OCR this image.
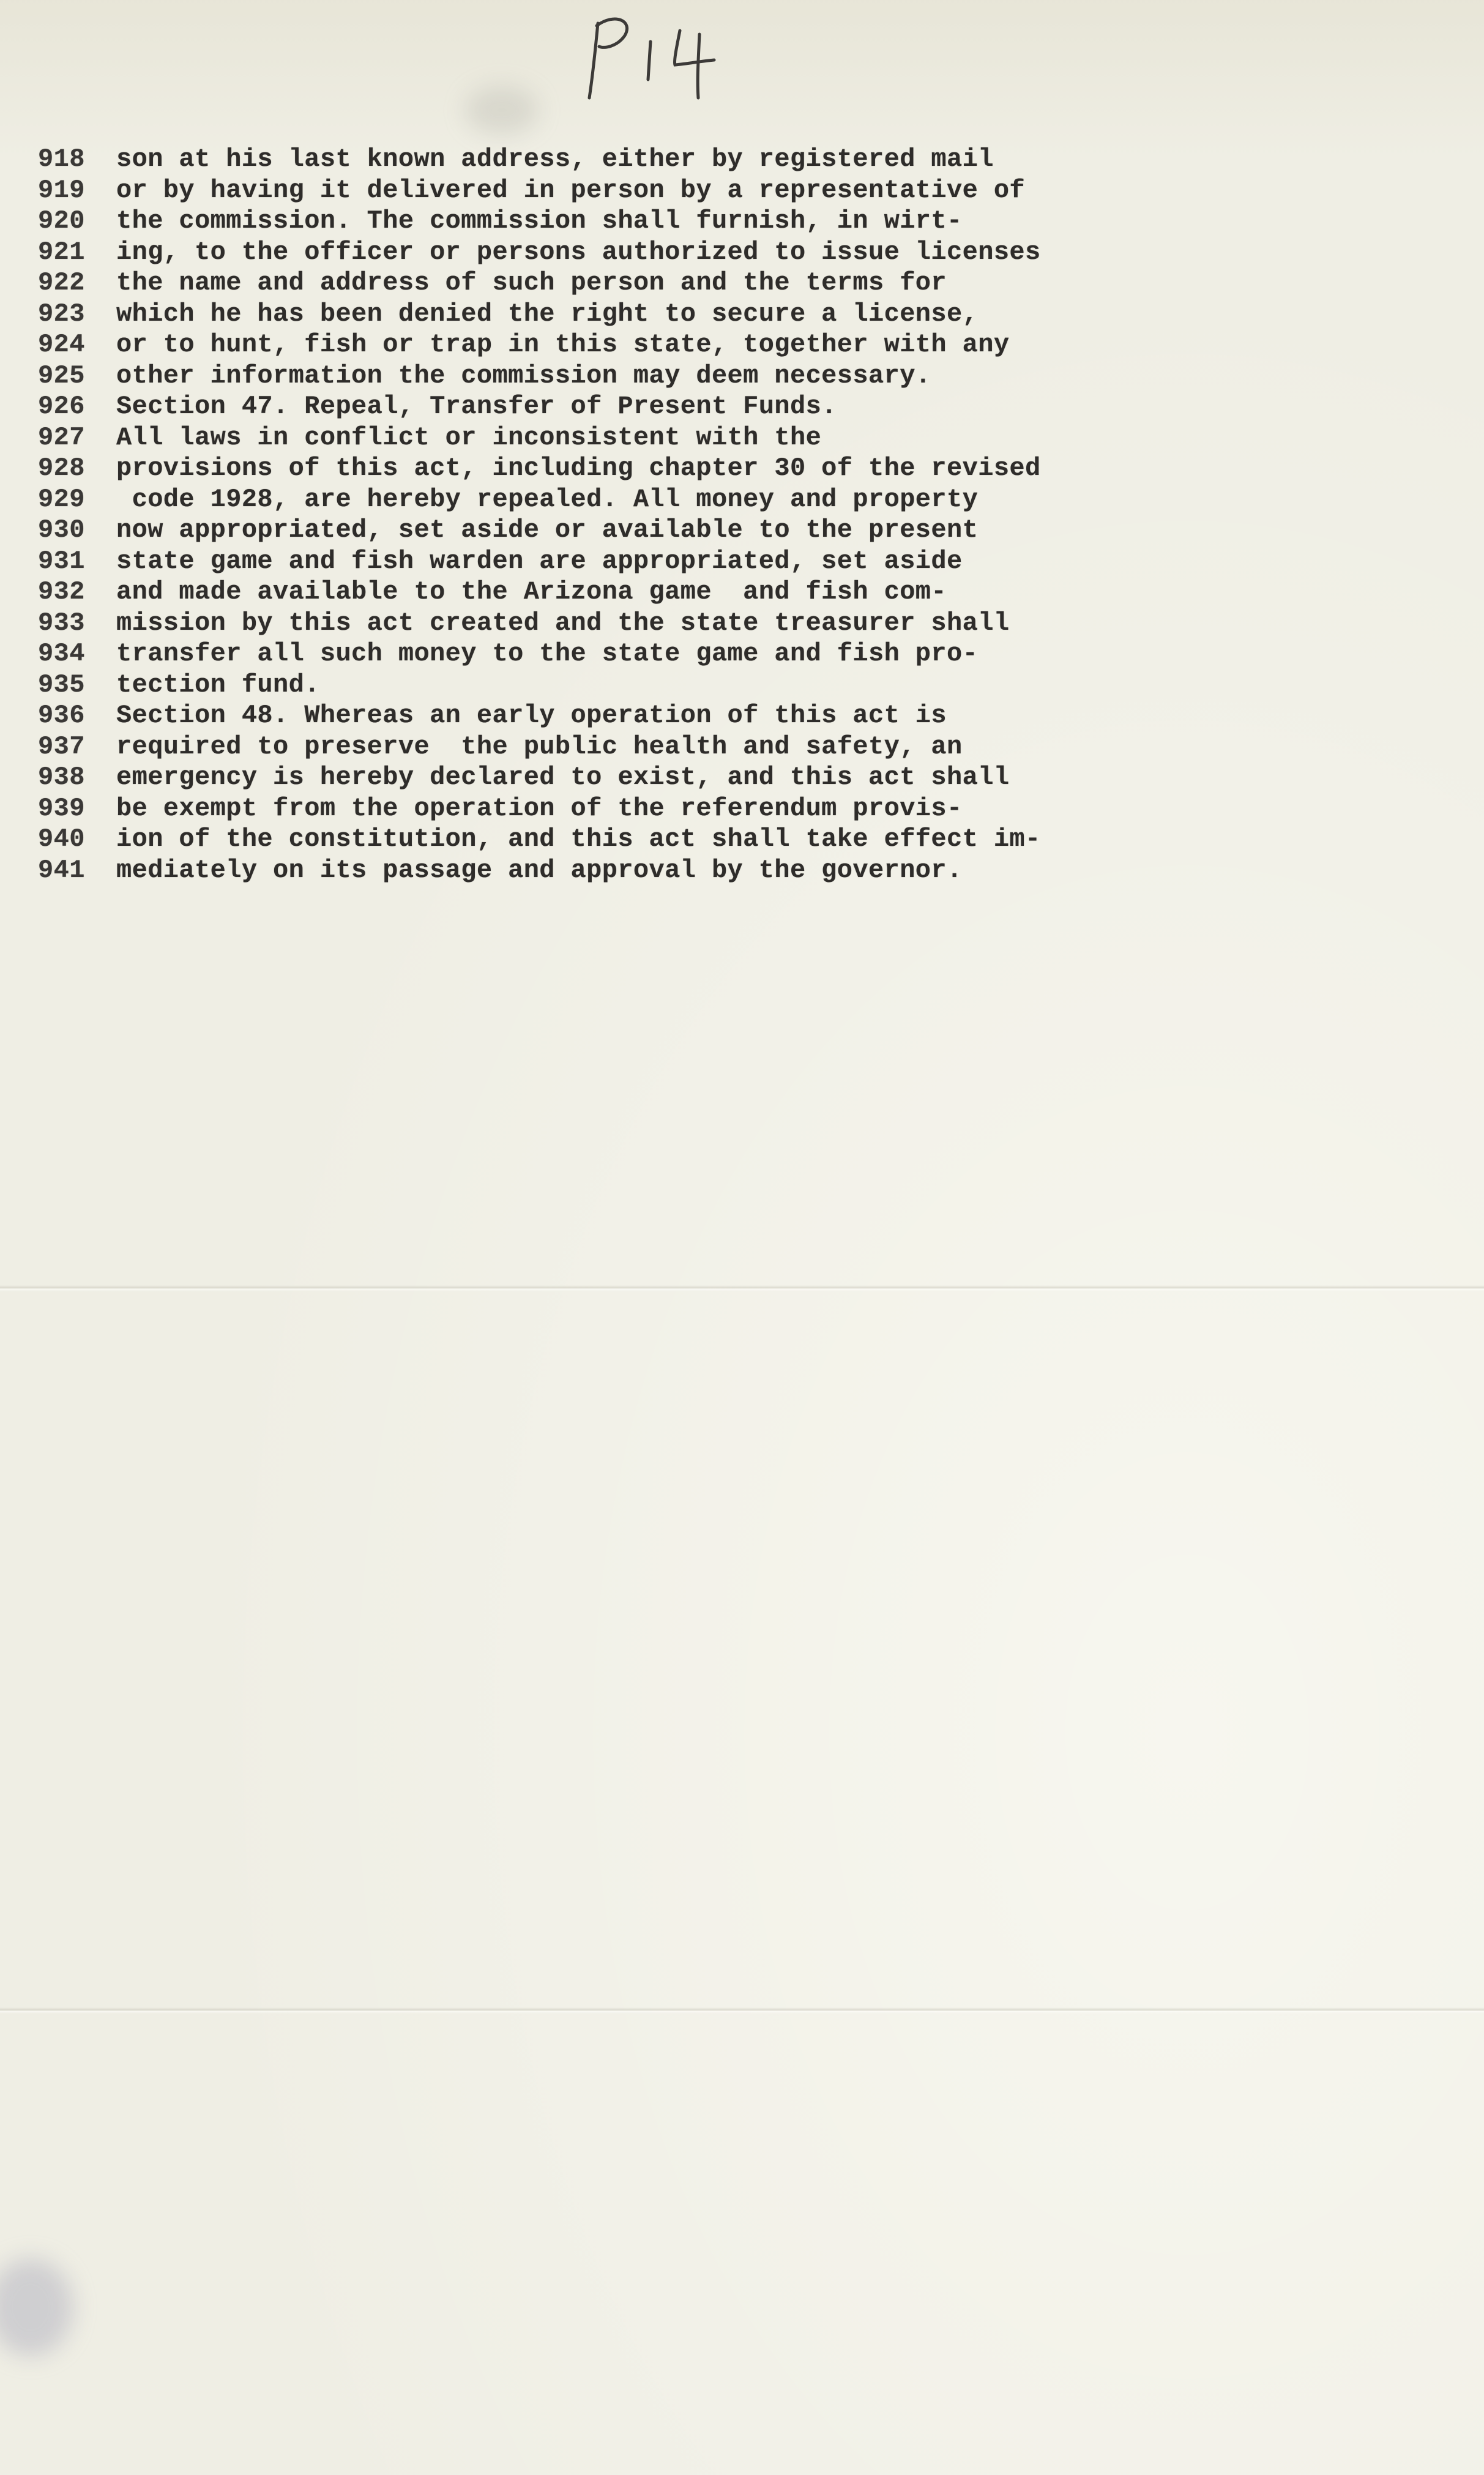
918	son at his last known address, either by registered mail
919	or by having it delivered in person by a representative of
920	the commission. The commission shall furnish, in wirt-
921	ing, to the officer or persons authorized to issue licenses
922	the name and address of such person and the terms for
923	which he has been denied the right to secure a license,
924	or to hunt, fish or trap in this state, together with any
925	other information the commission may deem necessary.
926	Section 47. Repeal, Transfer of Present Funds.
927	All laws in conflict or inconsistent with the
928	provisions of this act, including chapter 30 of the revised
929	code 1928, are hereby repealed. All money and property
930	now appropriated, set aside or available to the present
931	state game and fish warden are appropriated, set aside
932	and made available to the Arizona game  and fish com-
933	mission by this act created and the state treasurer shall
934	transfer all such money to the state game and fish pro-
935	tection fund.
936	Section 48. Whereas an early operation of this act is
937	required to preserve  the public health and safety, an
938	emergency is hereby declared to exist, and this act shall
939	be exempt from the operation of the referendum provis-
940	ion of the constitution, and this act shall take effect im-
941	mediately on its passage and approval by the governor.
